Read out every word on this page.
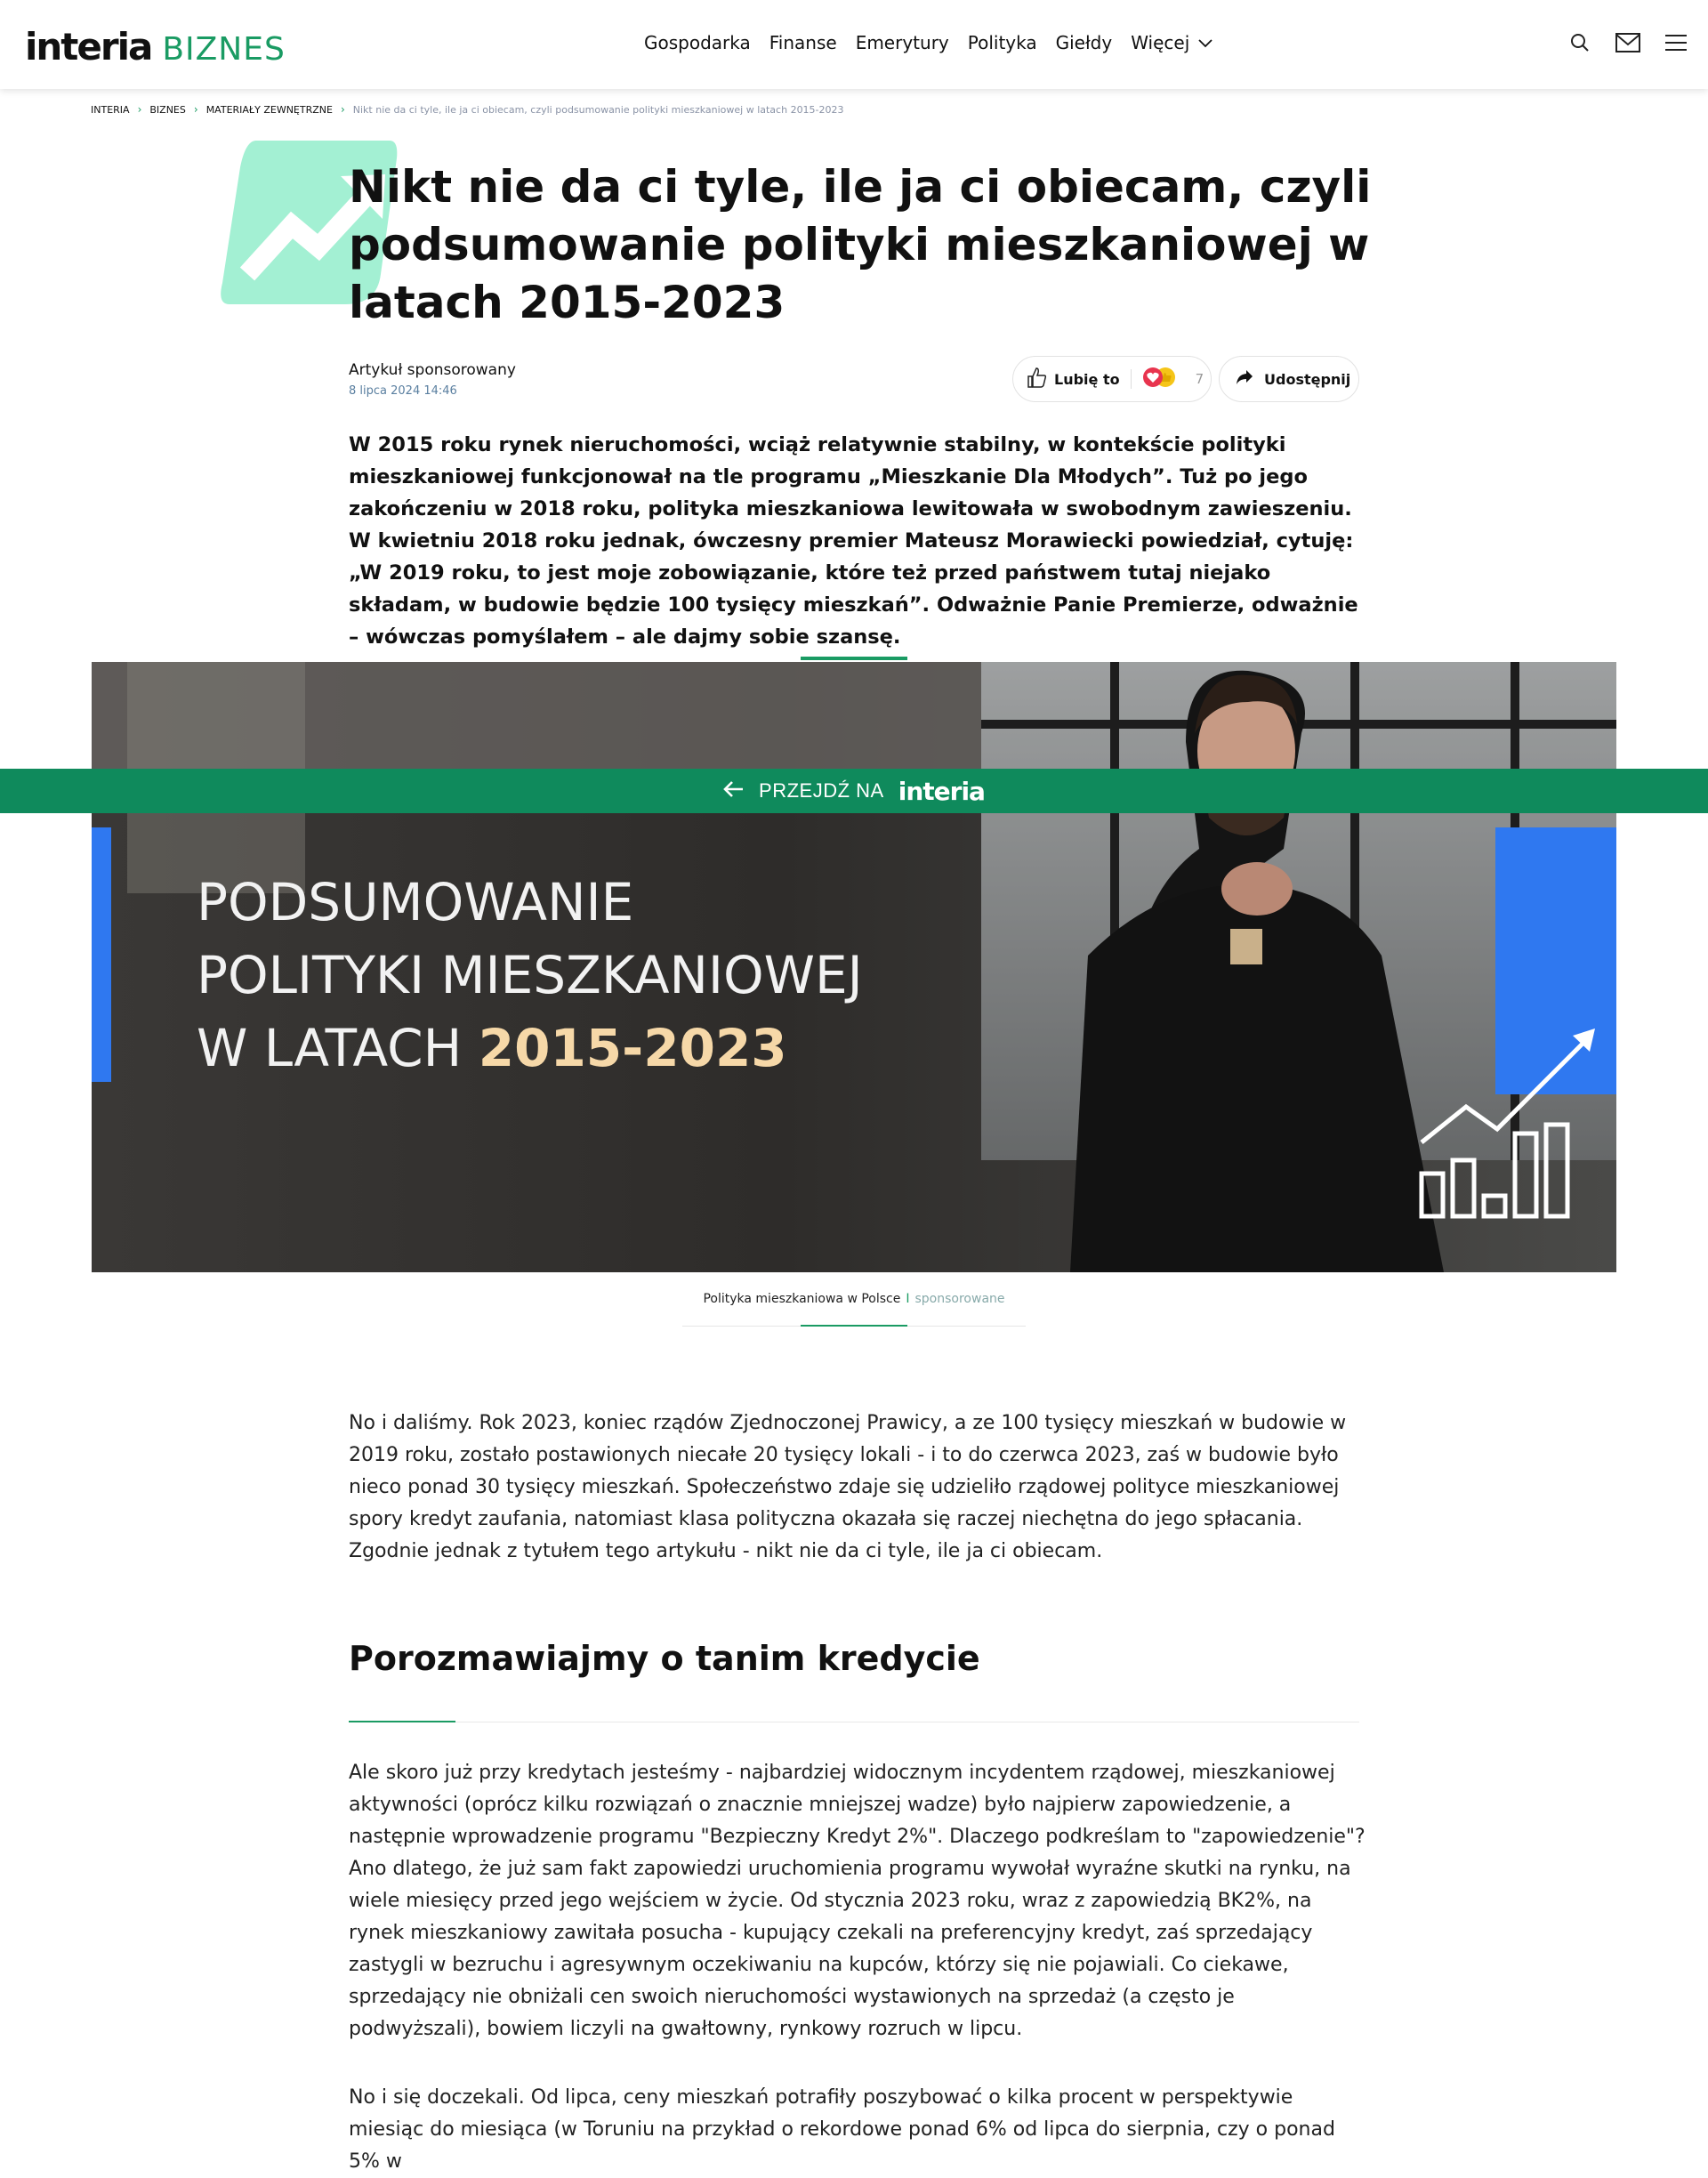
interia BIZNES	Gospodarka Finanse Emerytury Polityka Giełdy Więcej
INTERIA › BIZNES › MATERIAŁY ZEWNĘTRZNE › Nikt nie da ci tyle, ile ja ci obiecam, czyli podsumowanie polityki mieszkaniowej w latach 2015-2023
Nikt nie da ci tyle, ile ja ci obiecam, czyli podsumowanie polityki mieszkaniowej w latach 2015-2023
Artykuł sponsorowany
8 lipca 2024 14:46
Lubię to	7	Udostępnij

W 2015 roku rynek nieruchomości, wciąż relatywnie stabilny, w kontekście polityki mieszkaniowej funkcjonował na tle programu „Mieszkanie Dla Młodych”. Tuż po jego zakończeniu w 2018 roku, polityka mieszkaniowa lewitowała w swobodnym zawieszeniu. W kwietniu 2018 roku jednak, ówczesny premier Mateusz Morawiecki powiedział, cytuję: „W 2019 roku, to jest moje zobowiązanie, które też przed państwem tutaj niejako składam, w budowie będzie 100 tysięcy mieszkań”. Odważnie Panie Premierze, odważnie – wówczas pomyślałem – ale dajmy sobie szansę.

PODSUMOWANIE
POLITYKI MIESZKANIOWEJ
W LATACH 2015-2023
Polityka mieszkaniowa w Polsce I sponsorowane
PRZEJDŹ NA interia

No i daliśmy. Rok 2023, koniec rządów Zjednoczonej Prawicy, a ze 100 tysięcy mieszkań w budowie w 2019 roku, zostało postawionych niecałe 20 tysięcy lokali - i to do czerwca 2023, zaś w budowie było nieco ponad 30 tysięcy mieszkań. Społeczeństwo zdaje się udzieliło rządowej polityce mieszkaniowej spory kredyt zaufania, natomiast klasa polityczna okazała się raczej niechętna do jego spłacania. Zgodnie jednak z tytułem tego artykułu - nikt nie da ci tyle, ile ja ci obiecam.

Porozmawiajmy o tanim kredycie

Ale skoro już przy kredytach jesteśmy - najbardziej widocznym incydentem rządowej, mieszkaniowej aktywności (oprócz kilku rozwiązań o znacznie mniejszej wadze) było najpierw zapowiedzenie, a następnie wprowadzenie programu "Bezpieczny Kredyt 2%". Dlaczego podkreślam to "zapowiedzenie"? Ano dlatego, że już sam fakt zapowiedzi uruchomienia programu wywołał wyraźne skutki na rynku, na wiele miesięcy przed jego wejściem w życie. Od stycznia 2023 roku, wraz z zapowiedzią BK2%, na rynek mieszkaniowy zawitała posucha - kupujący czekali na preferencyjny kredyt, zaś sprzedający zastygli w bezruchu i agresywnym oczekiwaniu na kupców, którzy się nie pojawiali. Co ciekawe, sprzedający nie obniżali cen swoich nieruchomości wystawionych na sprzedaż (a często je podwyższali), bowiem liczyli na gwałtowny, rynkowy rozruch w lipcu.

No i się doczekali. Od lipca, ceny mieszkań potrafiły poszybować o kilka procent w perspektywie miesiąc do miesiąca (w Toruniu na przykład o rekordowe ponad 6% od lipca do sierpnia, czy o ponad 5% w
